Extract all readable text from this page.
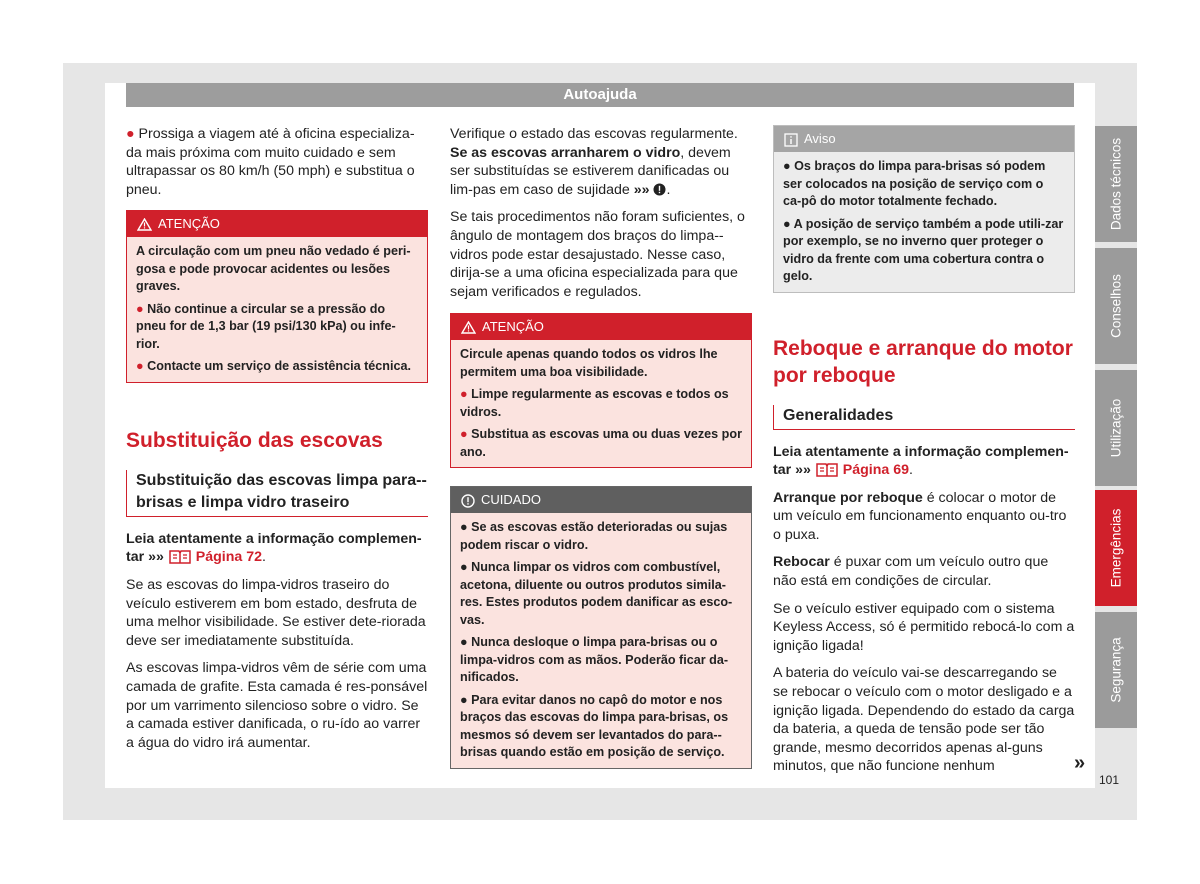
Autoajuda

● Prossiga a viagem até à oficina especializa-da mais próxima com muito cuidado e sem ultrapassar os 80 km/h (50 mph) e substitua o pneu.

ATENÇÃO

A circulação com um pneu não vedado é peri-gosa e pode provocar acidentes ou lesões graves.

● Não continue a circular se a pressão do pneu for de 1,3 bar (19 psi/130 kPa) ou infe-rior.

● Contacte um serviço de assistência técnica.

Substituição das escovas
Substituição das escovas limpa para--brisas e limpa vidro traseiro

Leia atentamente a informação complemen-tar »» Página 72.

Se as escovas do limpa-vidros traseiro do veículo estiverem em bom estado, desfruta de uma melhor visibilidade. Se estiver dete-riorada deve ser imediatamente substituída.

As escovas limpa-vidros vêm de série com uma camada de grafite. Esta camada é res-ponsável por um varrimento silencioso sobre o vidro. Se a camada estiver danificada, o ru-ído ao varrer a água do vidro irá aumentar.

Verifique o estado das escovas regularmente. Se as escovas arranharem o vidro, devem ser substituídas se estiverem danificadas ou lim-pas em caso de sujidade »» .

Se tais procedimentos não foram suficientes, o ângulo de montagem dos braços do limpa--vidros pode estar desajustado. Nesse caso, dirija-se a uma oficina especializada para que sejam verificados e regulados.

ATENÇÃO

Circule apenas quando todos os vidros lhe permitem uma boa visibilidade.

● Limpe regularmente as escovas e todos os vidros.

● Substitua as escovas uma ou duas vezes por ano.

CUIDADO

● Se as escovas estão deterioradas ou sujas podem riscar o vidro.

● Nunca limpar os vidros com combustível, acetona, diluente ou outros produtos simila-res. Estes produtos podem danificar as esco-vas.

● Nunca desloque o limpa para-brisas ou o limpa-vidros com as mãos. Poderão ficar da-nificados.

● Para evitar danos no capô do motor e nos braços das escovas do limpa para-brisas, os mesmos só devem ser levantados do para--brisas quando estão em posição de serviço.

Aviso

● Os braços do limpa para-brisas só podem ser colocados na posição de serviço com o ca-pô do motor totalmente fechado.

● A posição de serviço também a pode utili-zar por exemplo, se no inverno quer proteger o vidro da frente com uma cobertura contra o gelo.

Reboque e arranque do motor por reboque
Generalidades

Leia atentamente a informação complemen-tar »» Página 69.

Arranque por reboque é colocar o motor de um veículo em funcionamento enquanto ou-tro o puxa.

Rebocar é puxar com um veículo outro que não está em condições de circular.

Se o veículo estiver equipado com o sistema Keyless Access, só é permitido rebocá-lo com a ignição ligada!

A bateria do veículo vai-se descarregando se se rebocar o veículo com o motor desligado e a ignição ligada. Dependendo do estado da carga da bateria, a queda de tensão pode ser tão grande, mesmo decorridos apenas al-guns minutos, que não funcione nenhum

Dados técnicos
Conselhos
Utilização
Emergências
Segurança
»
101
